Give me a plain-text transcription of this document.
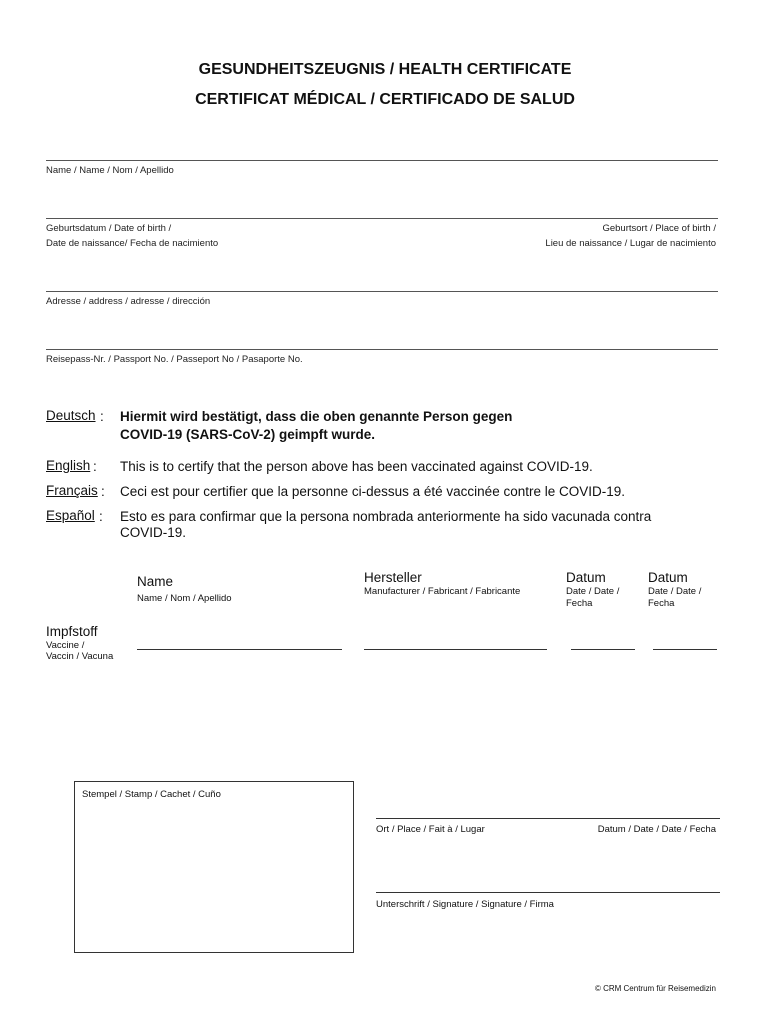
GESUNDHEITSZEUGNIS / HEALTH CERTIFICATE
CERTIFICAT MÉDICAL / CERTIFICADO DE SALUD
Name / Name / Nom / Apellido
Geburtsdatum / Date of birth /
Date de naissance/ Fecha de nacimiento
Geburtsort / Place of birth /
Lieu de naissance / Lugar de nacimiento
Adresse / address / adresse / dirección
Reisepass-Nr. / Passport No. / Passeport No / Pasaporte No.
Deutsch : Hiermit wird bestätigt, dass die oben genannte Person gegen
COVID-19 (SARS-CoV-2) geimpft wurde.
English : This is to certify that the person above has been vaccinated against COVID-19.
Français : Ceci est pour certifier que la personne ci-dessus a été vaccinée contre le COVID-19.
Español : Esto es para confirmar que la persona nombrada anteriormente ha sido vacunada contra
COVID-19.
Name
Name / Nom / Apellido
Hersteller
Manufacturer / Fabricant / Fabricante
Datum
Date / Date /
Fecha
Datum
Date / Date /
Fecha
Impfstoff
Vaccine /
Vaccin / Vacuna
Stempel / Stamp / Cachet / Cuño
Ort / Place / Fait à / Lugar	Datum / Date / Date / Fecha
Unterschrift / Signature / Signature / Firma
© CRM Centrum für Reisemedizin
